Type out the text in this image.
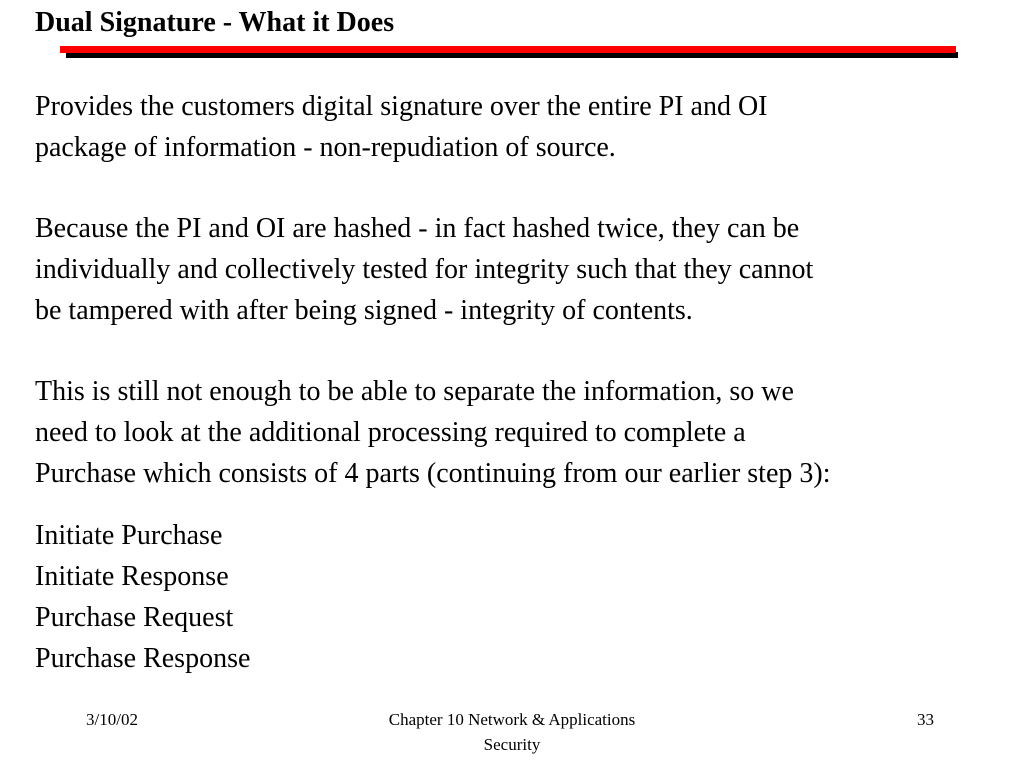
Dual Signature - What it Does

Provides the customers digital signature over the entire PI and OI
package of information - non-repudiation of source.

Because the PI and OI are hashed - in fact hashed twice, they can be
individually and collectively tested for integrity such that they cannot
be tampered with after being signed - integrity of contents.

This is still not enough to be able to separate the information, so we
need to look at the additional processing required to complete a
Purchase which consists of 4 parts (continuing from our earlier step 3):

Initiate Purchase
Initiate Response
Purchase Request
Purchase Response
3/10/02	Chapter 10 Network & Applications
Security
33
